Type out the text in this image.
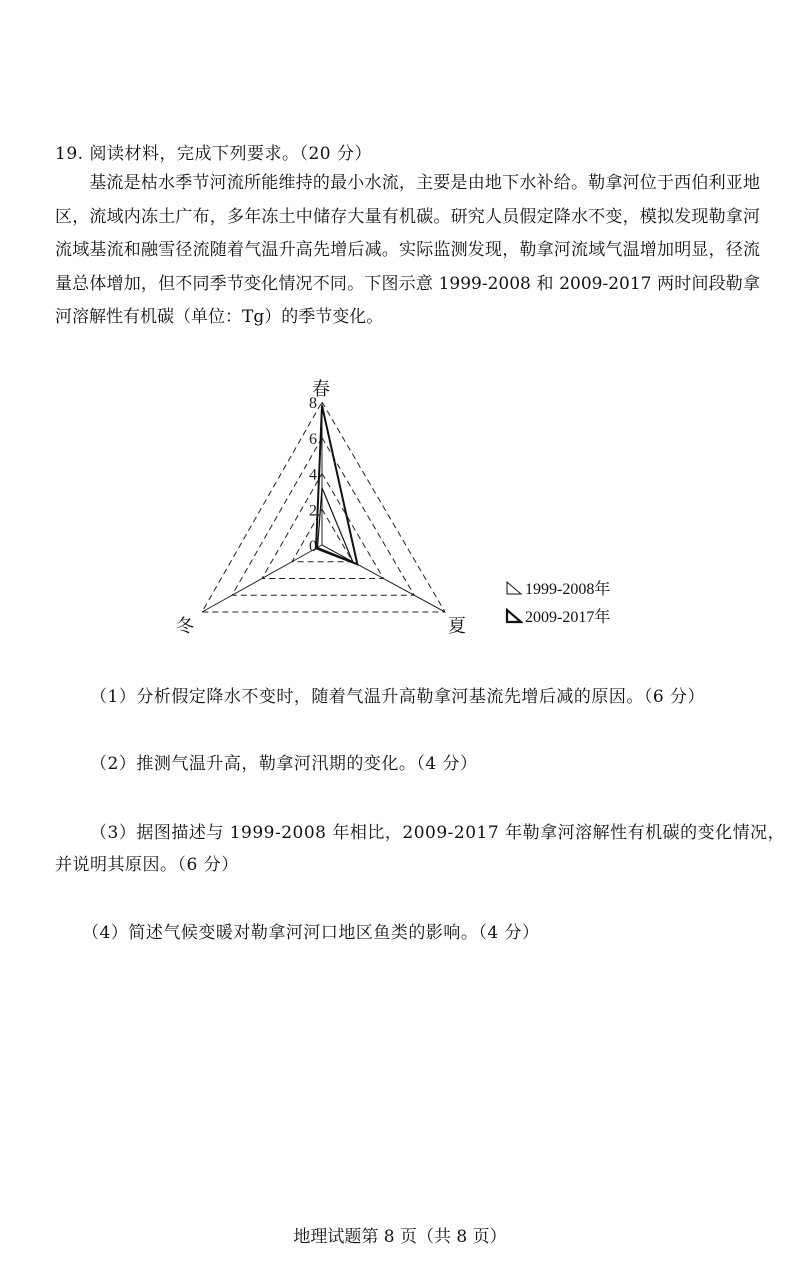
19. 阅读材料，完成下列要求。（20 分）
基流是枯水季节河流所能维持的最小水流，主要是由地下水补给。勒拿河位于西伯利亚地区，流域内冻土广布，多年冻土中储存大量有机碳。研究人员假定降水不变，模拟发现勒拿河流域基流和融雪径流随着气温升高先增后减。实际监测发现，勒拿河流域气温增加明显，径流量总体增加，但不同季节变化情况不同。下图示意 1999-2008 和 2009-2017 两时间段勒拿河溶解性有机碳（单位：Tg）的季节变化。
0
2
4
6
8
春
夏
冬
1999-2008年
2009-2017年
（1）分析假定降水不变时，随着气温升高勒拿河基流先增后减的原因。（6 分）
（2）推测气温升高，勒拿河汛期的变化。（4 分）
（3）据图描述与 1999-2008 年相比，2009-2017 年勒拿河溶解性有机碳的变化情况，
并说明其原因。（6 分）
（4）简述气候变暖对勒拿河河口地区鱼类的影响。（4 分）
地理试题第 8 页（共 8 页）
